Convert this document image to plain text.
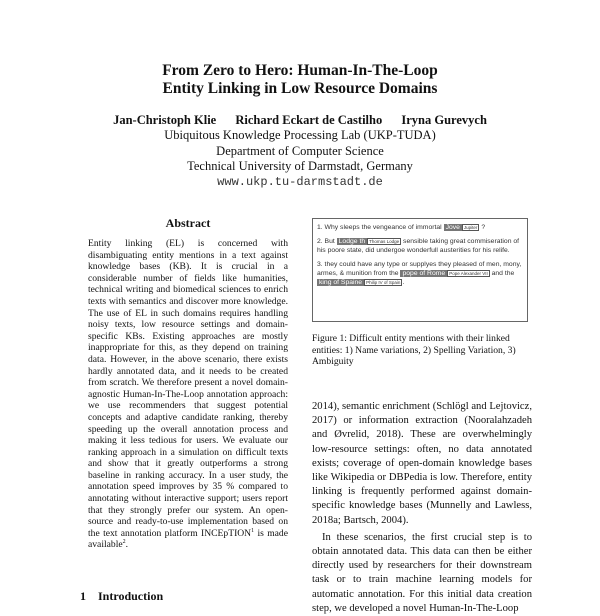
From Zero to Hero: Human-In-The-Loop
Entity Linking in Low Resource Domains
Jan-Christoph Klie Richard Eckart de Castilho Iryna Gurevych
Ubiquitous Knowledge Processing Lab (UKP-TUDA)
Department of Computer Science
Technical University of Darmstadt, Germany
www.ukp.tu-darmstadt.de
Abstract
Entity linking (EL) is concerned with disambiguating entity mentions in a text against knowledge bases (KB). It is crucial in a considerable number of fields like humanities, technical writing and biomedical sciences to enrich texts with semantics and discover more knowledge. The use of EL in such domains requires handling noisy texts, low resource settings and domain-specific KBs. Existing approaches are mostly inappropriate for this, as they depend on training data. However, in the above scenario, there exists hardly annotated data, and it needs to be created from scratch. We therefore present a novel domain-agnostic Human-In-The-Loop annotation approach: we use recommenders that suggest potential concepts and adaptive candidate ranking, thereby speeding up the overall annotation process and making it less tedious for users. We evaluate our ranking approach in a simulation on difficult texts and show that it greatly outperforms a strong baseline in ranking accuracy. In a user study, the annotation speed improves by 35 % compared to annotating without interactive support; users report that they strongly prefer our system. An open-source and ready-to-use implementation based on the text annotation platform INCEpTION$^1$ is made available$^2$.
1 Introduction
1. Why sleeps the vengeance of immortal Jove Jupiter ?
2. But Lodge th Thomas Lodge sensible taking great commiseration of his poore state, did undergoe wonderfull austerities for his relife.
3. they could have any type or supplyes they pleased of men, mony, armes, & munition from the pope of Rome Pope Alexander VII and the king of Spaine Philip IV of Spain .
Figure 1: Difficult entity mentions with their linked entities: 1) Name variations, 2) Spelling Variation, 3) Ambiguity

2014), semantic enrichment (Schlögl and Lejtovicz, 2017) or information extraction (Nooralahzadeh and Øvrelid, 2018). These are overwhelmingly low-resource settings: often, no data annotated exists; coverage of open-domain knowledge bases like Wikipedia or DBPedia is low. Therefore, entity linking is frequently performed against domain-specific knowledge bases (Munnelly and Lawless, 2018a; Bartsch, 2004).

In these scenarios, the first crucial step is to obtain annotated data. This data can then be either directly used by researchers for their downstream task or to train machine learning models for automatic annotation. For this initial data creation step, we developed a novel Human-In-The-Loop
